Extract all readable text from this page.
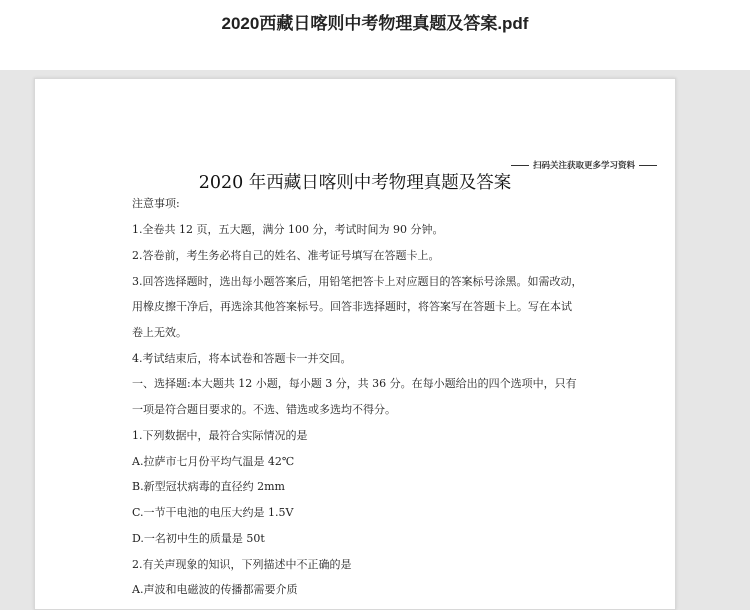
2020西藏日喀则中考物理真题及答案.pdf
扫码关注获取更多学习资料
2020 年西藏日喀则中考物理真题及答案
注意事项:
1.全卷共 12 页，五大题，满分 100 分，考试时间为 90 分钟。
2.答卷前，考生务必将自己的姓名、准考证号填写在答题卡上。
3.回答选择题时，选出每小题答案后，用铅笔把答卡上对应题目的答案标号涂黑。如需改动，
用橡皮擦干净后，再选涂其他答案标号。回答非选择题时，将答案写在答题卡上。写在本试
卷上无效。
4.考试结束后，将本试卷和答题卡一并交回。
一、选择题:本大题共 12 小题，每小题 3 分，共 36 分。在每小题给出的四个选项中，只有
一项是符合题目要求的。不选、错选或多选均不得分。
1.下列数据中，最符合实际情况的是
A.拉萨市七月份平均气温是 42℃
B.新型冠状病毒的直径约 2mm
C.一节干电池的电压大约是 1.5V
D.一名初中生的质量是 50t
2.有关声现象的知识，下列描述中不正确的是
A.声波和电磁波的传播都需要介质
